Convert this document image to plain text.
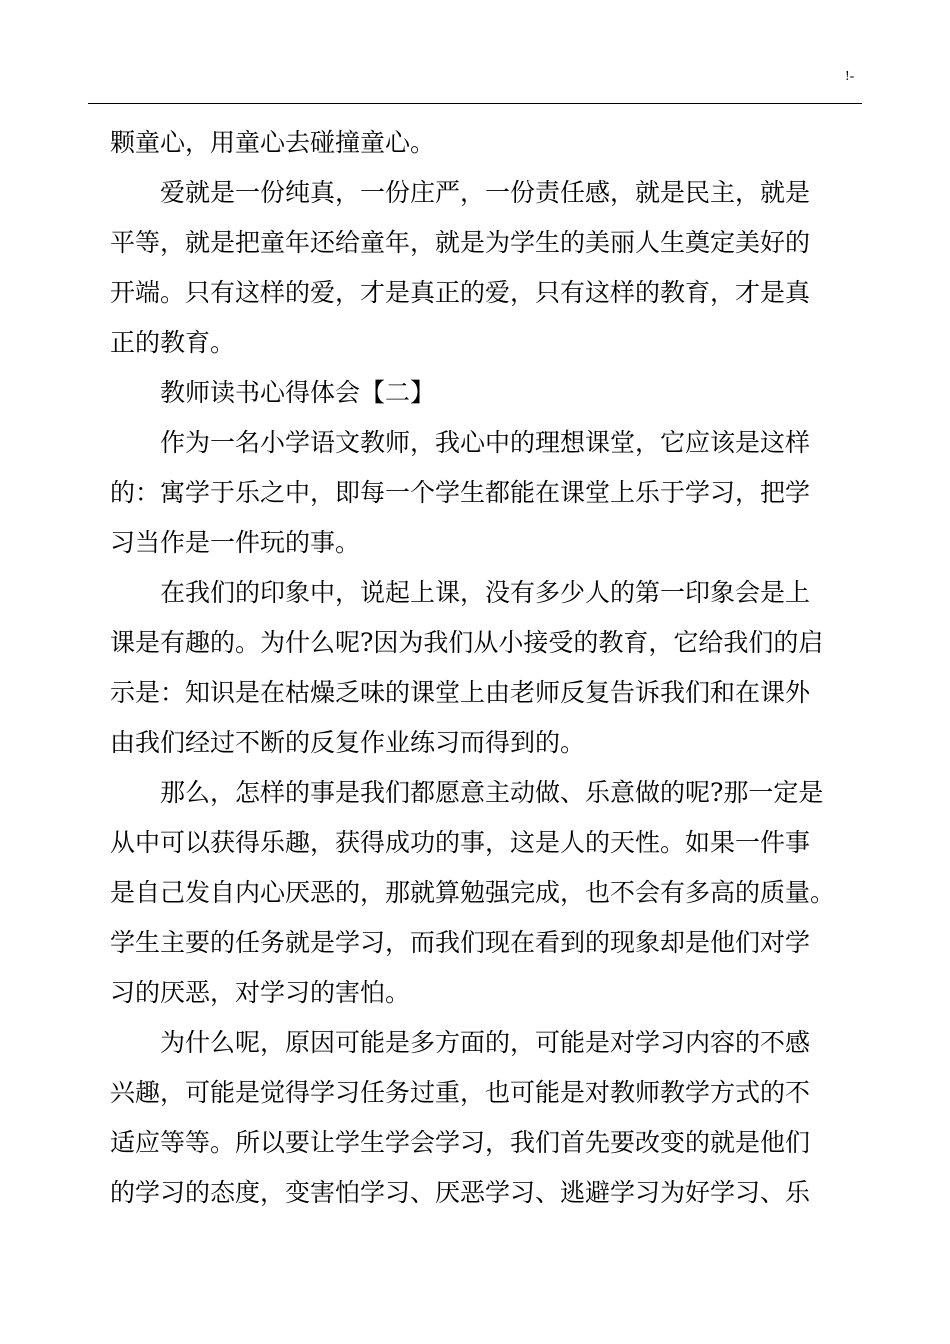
!-
颗童心，用童心去碰撞童心。
爱就是一份纯真，一份庄严，一份责任感，就是民主，就是
平等，就是把童年还给童年，就是为学生的美丽人生奠定美好的
开端。只有这样的爱，才是真正的爱，只有这样的教育，才是真
正的教育。
教师读书心得体会【二】
作为一名小学语文教师，我心中的理想课堂，它应该是这样
的：寓学于乐之中，即每一个学生都能在课堂上乐于学习，把学
习当作是一件玩的事。
在我们的印象中，说起上课，没有多少人的第一印象会是上
课是有趣的。为什么呢?因为我们从小接受的教育，它给我们的启
示是：知识是在枯燥乏味的课堂上由老师反复告诉我们和在课外
由我们经过不断的反复作业练习而得到的。
那么，怎样的事是我们都愿意主动做、乐意做的呢?那一定是
从中可以获得乐趣，获得成功的事，这是人的天性。如果一件事
是自己发自内心厌恶的，那就算勉强完成，也不会有多高的质量。
学生主要的任务就是学习，而我们现在看到的现象却是他们对学
习的厌恶，对学习的害怕。
为什么呢，原因可能是多方面的，可能是对学习内容的不感
兴趣，可能是觉得学习任务过重，也可能是对教师教学方式的不
适应等等。所以要让学生学会学习，我们首先要改变的就是他们
的学习的态度，变害怕学习、厌恶学习、逃避学习为好学习、乐
